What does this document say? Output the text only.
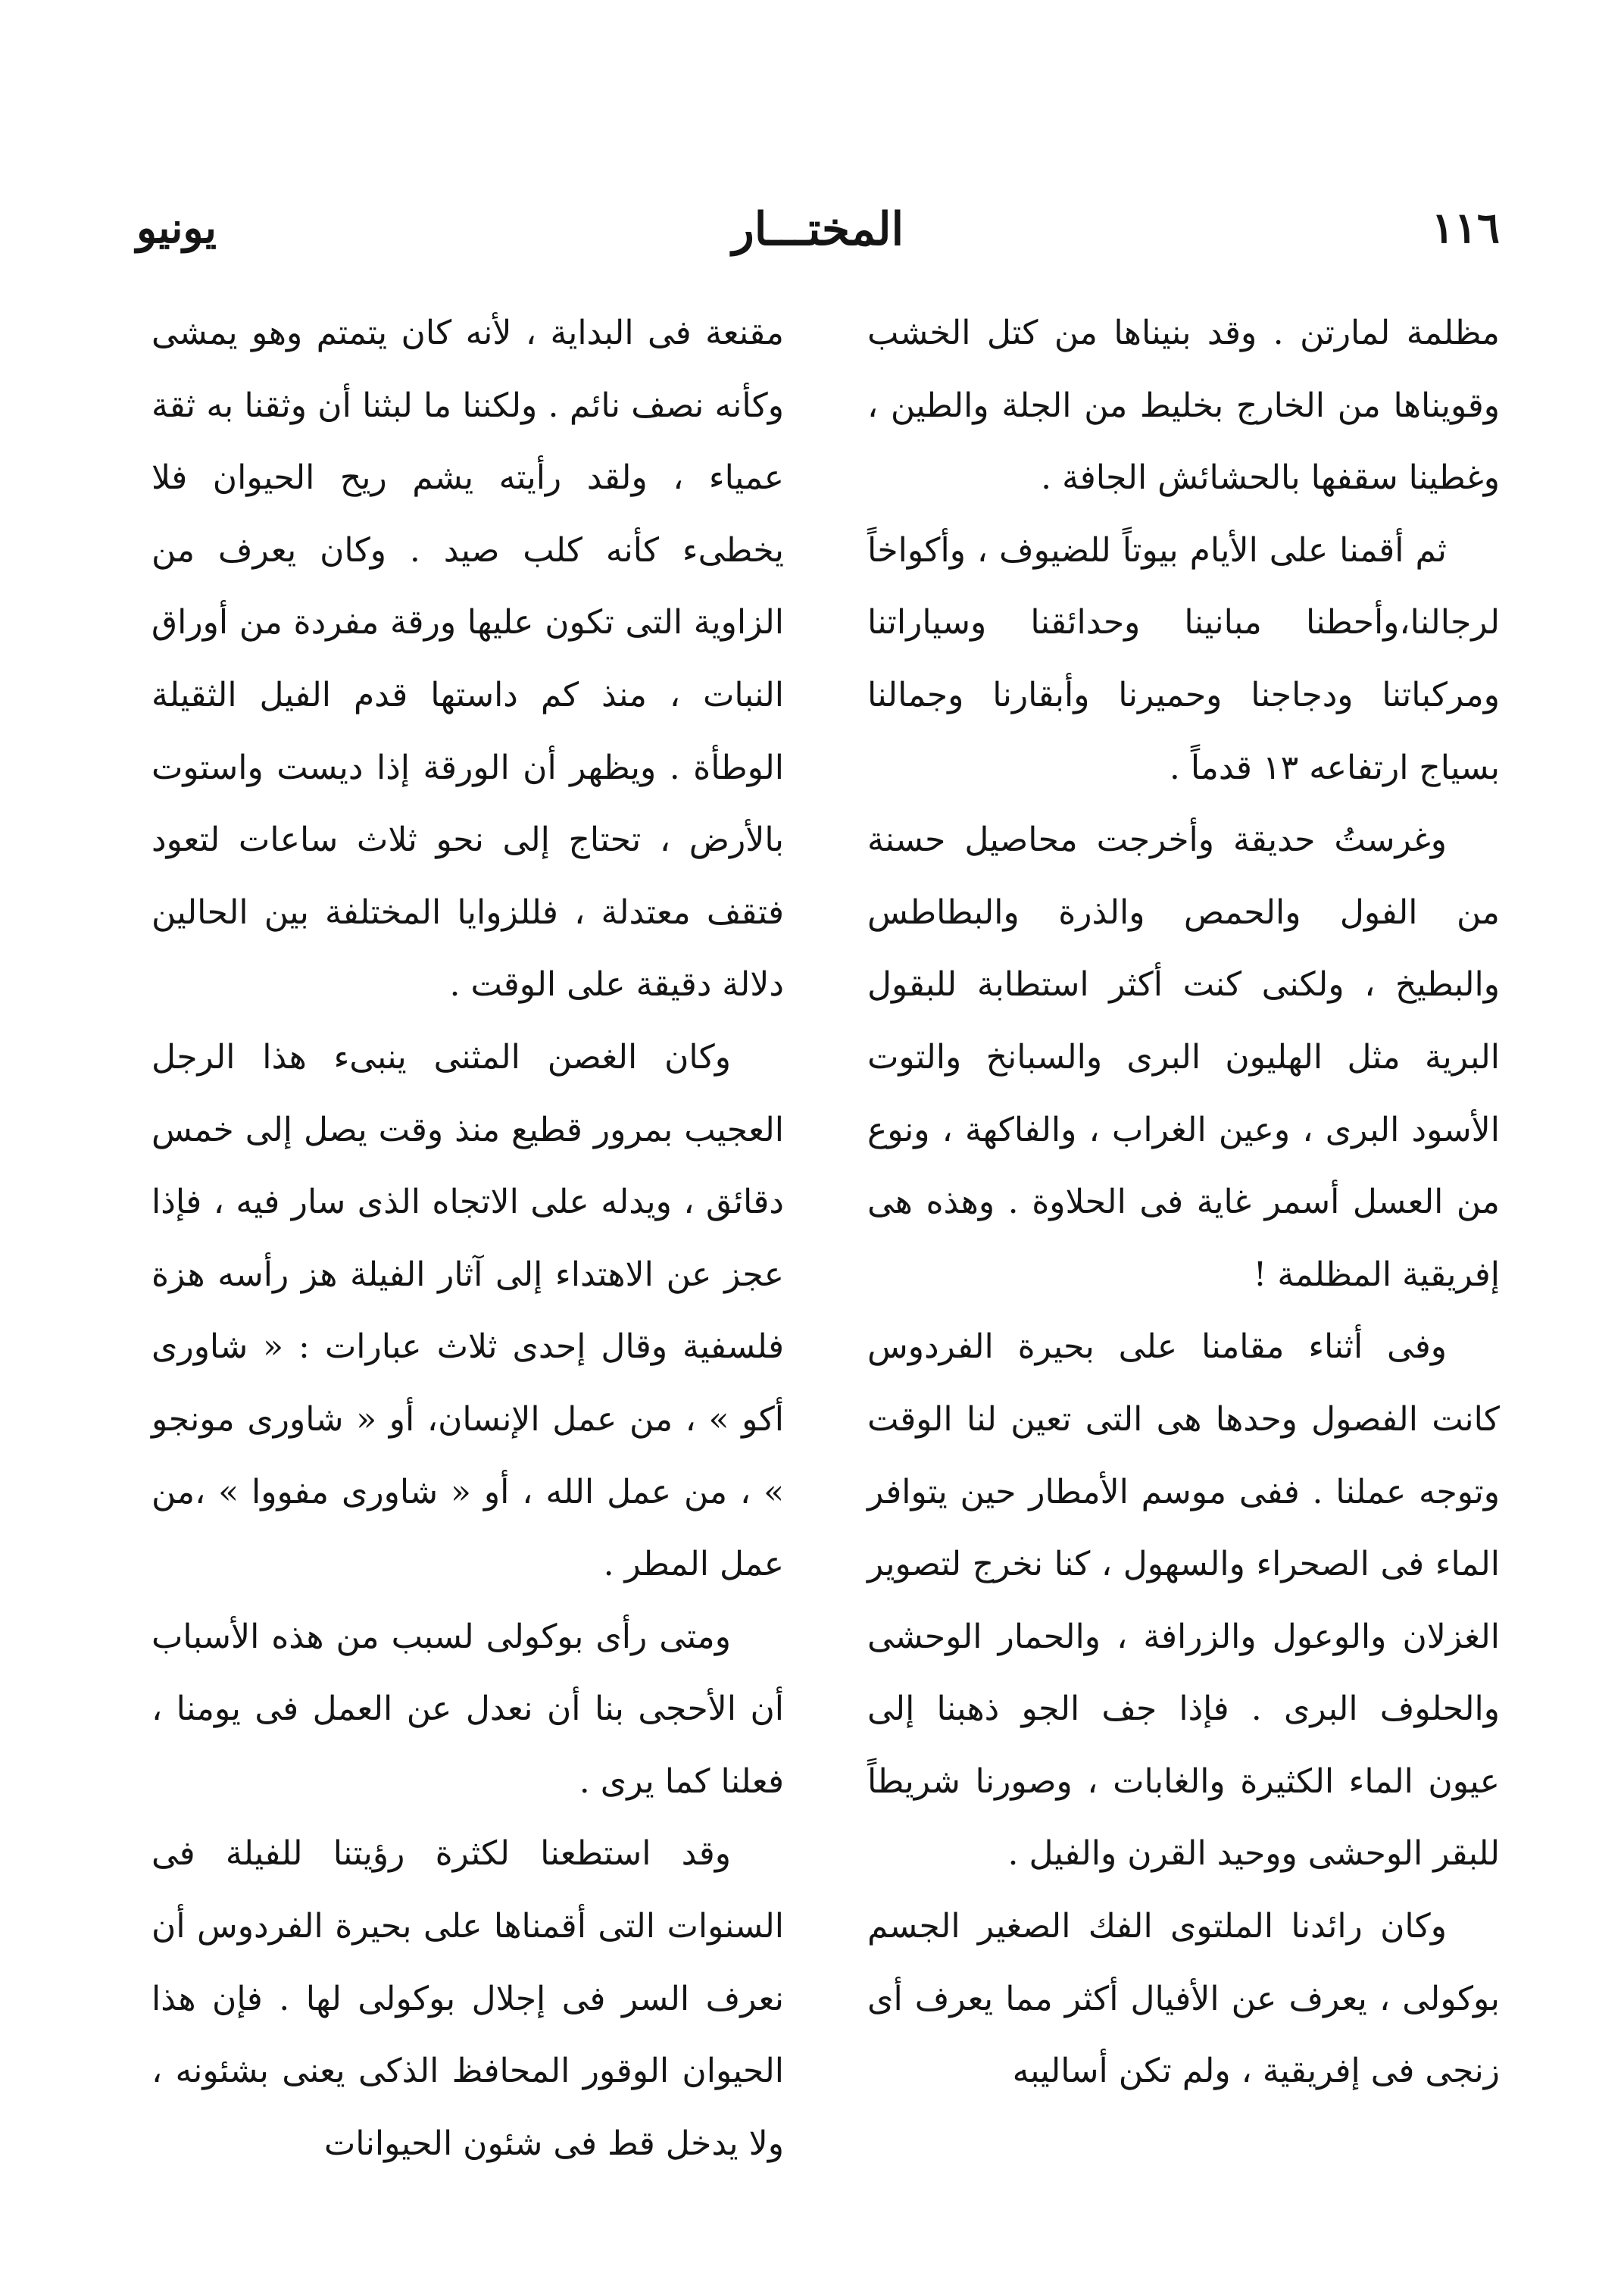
١١٦
المختـــار
يونيو

مظلمة لمارتن . وقد بنيناها من كتل الخشب وقويناها من الخارج بخليط من الجلة والطين ، وغطينا سقفها بالحشائش الجافة .

ثم أقمنا على الأيام بيوتاً للضيوف ، وأكواخاً لرجالنا،وأحطنا مبانينا وحدائقنا وسياراتنا ومركباتنا ودجاجنا وحميرنا وأبقارنا وجمالنا بسياج ارتفاعه ١٣ قدماً .

وغرستُ حديقة وأخرجت محاصيل حسنة من الفول والحمص والذرة والبطاطس والبطيخ ، ولكنى كنت أكثر استطابة للبقول البرية مثل الهليون البرى والسبانخ والتوت الأسود البرى ، وعين الغراب ، والفاكهة ، ونوع من العسل أسمر غاية فى الحلاوة . وهذه هى إفريقية المظلمة !

وفى أثناء مقامنا على بحيرة الفردوس كانت الفصول وحدها هى التى تعين لنا الوقت وتوجه عملنا . ففى موسم الأمطار حين يتوافر الماء فى الصحراء والسهول ، كنا نخرج لتصوير الغزلان والوعول والزرافة ، والحمار الوحشى والحلوف البرى . فإذا جف الجو ذهبنا إلى عيون الماء الكثيرة والغابات ، وصورنا شريطاً للبقر الوحشى ووحيد القرن والفيل .

وكان رائدنا الملتوى الفك الصغير الجسم بوكولى ، يعرف عن الأفيال أكثر مما يعرف أى زنجى فى إفريقية ، ولم تكن أساليبه

مقنعة فى البداية ، لأنه كان يتمتم وهو يمشى وكأنه نصف نائم . ولكننا ما لبثنا أن وثقنا به ثقة عمياء ، ولقد رأيته يشم ريح الحيوان فلا يخطىء كأنه كلب صيد . وكان يعرف من الزاوية التى تكون عليها ورقة مفردة من أوراق النبات ، منذ كم داستها قدم الفيل الثقيلة الوطأة . ويظهر أن الورقة إذا ديست واستوت بالأرض ، تحتاج إلى نحو ثلاث ساعات لتعود فتقف معتدلة ، فللزوايا المختلفة بين الحالين دلالة دقيقة على الوقت .

وكان الغصن المثنى ينبىء هذا الرجل العجيب بمرور قطيع منذ وقت يصل إلى خمس دقائق ، ويدله على الاتجاه الذى سار فيه ، فإذا عجز عن الاهتداء إلى آثار الفيلة هز رأسه هزة فلسفية وقال إحدى ثلاث عبارات : « شاورى أكو » ، من عمل الإنسان، أو « شاورى مونجو » ، من عمل الله ، أو « شاورى مفووا » ،من عمل المطر .

ومتى رأى بوكولى لسبب من هذه الأسباب أن الأحجى بنا أن نعدل عن العمل فى يومنا ، فعلنا كما يرى .

وقد استطعنا لكثرة رؤيتنا للفيلة فى السنوات التى أقمناها على بحيرة الفردوس أن نعرف السر فى إجلال بوكولى لها . فإن هذا الحيوان الوقور المحافظ الذكى يعنى بشئونه ، ولا يدخل قط فى شئون الحيوانات
